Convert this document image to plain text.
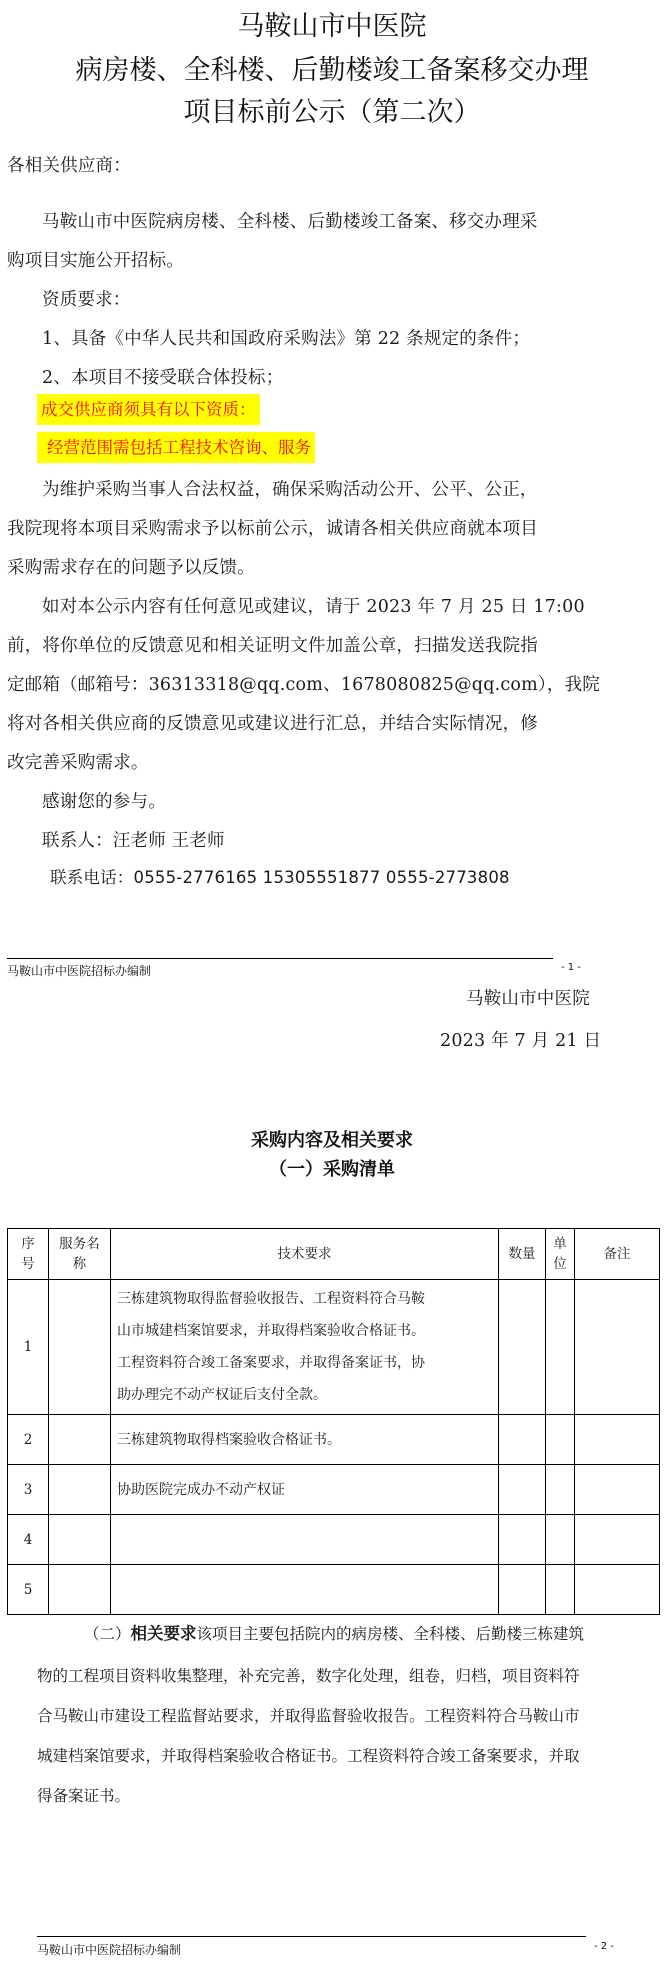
马鞍山市中医院
病房楼、全科楼、后勤楼竣工备案移交办理
项目标前公示（第二次）
各相关供应商：
马鞍山市中医院病房楼、全科楼、后勤楼竣工备案、移交办理采
购项目实施公开招标。
资质要求：
1、具备《中华人民共和国政府采购法》第 22 条规定的条件；
2、本项目不接受联合体投标；
成交供应商须具有以下资质：
经营范围需包括工程技术咨询、服务
为维护采购当事人合法权益，确保采购活动公开、公平、公正，
我院现将本项目采购需求予以标前公示，诚请各相关供应商就本项目
采购需求存在的问题予以反馈。
如对本公示内容有任何意见或建议，请于 2023 年 7 月 25 日 17:00
前，将你单位的反馈意见和相关证明文件加盖公章，扫描发送我院指
定邮箱（邮箱号：36313318@qq.com、1678080825@qq.com），我院
将对各相关供应商的反馈意见或建议进行汇总，并结合实际情况，修
改完善采购需求。
感谢您的参与。
联系人：汪老师 王老师
联系电话：0555-2776165 15305551877 0555-2773808
马鞍山市中医院招标办编制	- 1 -
马鞍山市中医院
2023 年 7 月 21 日
采购内容及相关要求
（一）采购清单
序号	服务名称	技术要求	数量	单位	备注
1		三栋建筑物取得监督验收报告、工程资料符合马鞍
山市城建档案馆要求，并取得档案验收合格证书。
工程资料符合竣工备案要求，并取得备案证书，协
助办理完不动产权证后支付全款。			

2		三栋建筑物取得档案验收合格证书。			

3		协助医院完成办不动产权证			

4					
5					
（二）相关要求该项目主要包括院内的病房楼、全科楼、后勤楼三栋建筑
物的工程项目资料收集整理，补充完善，数字化处理，组卷，归档，项目资料符
合马鞍山市建设工程监督站要求，并取得监督验收报告。工程资料符合马鞍山市
城建档案馆要求，并取得档案验收合格证书。工程资料符合竣工备案要求，并取
得备案证书。
马鞍山市中医院招标办编制	- 2 -
